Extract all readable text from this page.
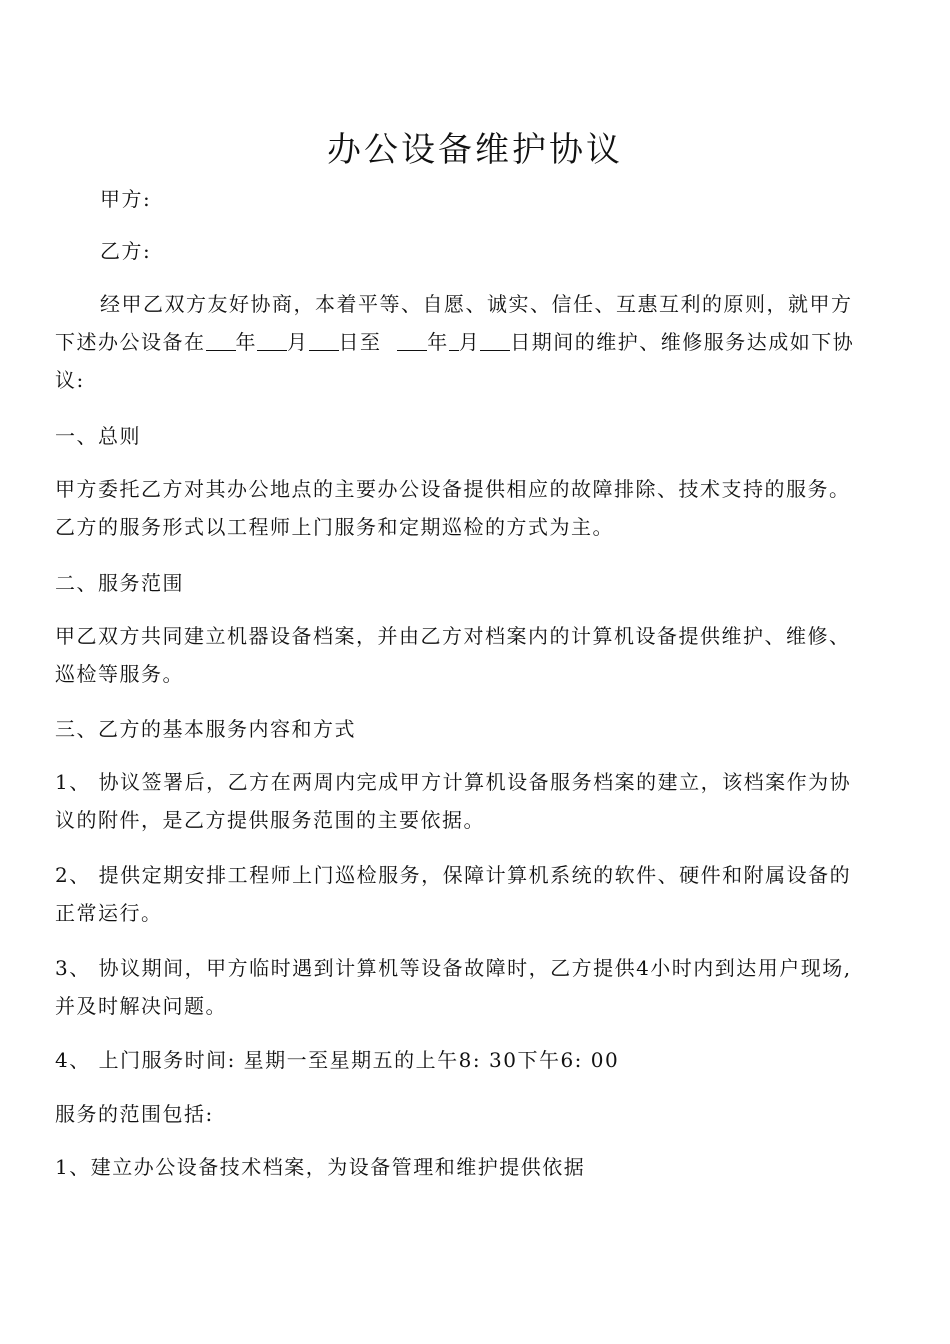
办公设备维护协议
甲方:
乙方:
经甲乙双方友好协商，本着平等、自愿、诚实、信任、互惠互利的原则，就甲方
下述办公设备在 年 月 日至 年 月 日期间的维护、维修服务达成如下协
议:
一、总则
甲方委托乙方对其办公地点的主要办公设备提供相应的故障排除、技术支持的服务。
乙方的服务形式以工程师上门服务和定期巡检的方式为主。
二、服务范围
甲乙双方共同建立机器设备档案，并由乙方对档案内的计算机设备提供维护、维修、
巡检等服务。
三、乙方的基本服务内容和方式
1、 协议签署后，乙方在两周内完成甲方计算机设备服务档案的建立，该档案作为协
议的附件，是乙方提供服务范围的主要依据。
2、 提供定期安排工程师上门巡检服务，保障计算机系统的软件、硬件和附属设备的
正常运行。
3、 协议期间，甲方临时遇到计算机等设备故障时，乙方提供4小时内到达用户现场,
并及时解决问题。
4、 上门服务时间: 星期一至星期五的上午8: 30下午6: 00
服务的范围包括:
1、建立办公设备技术档案，为设备管理和维护提供依据
